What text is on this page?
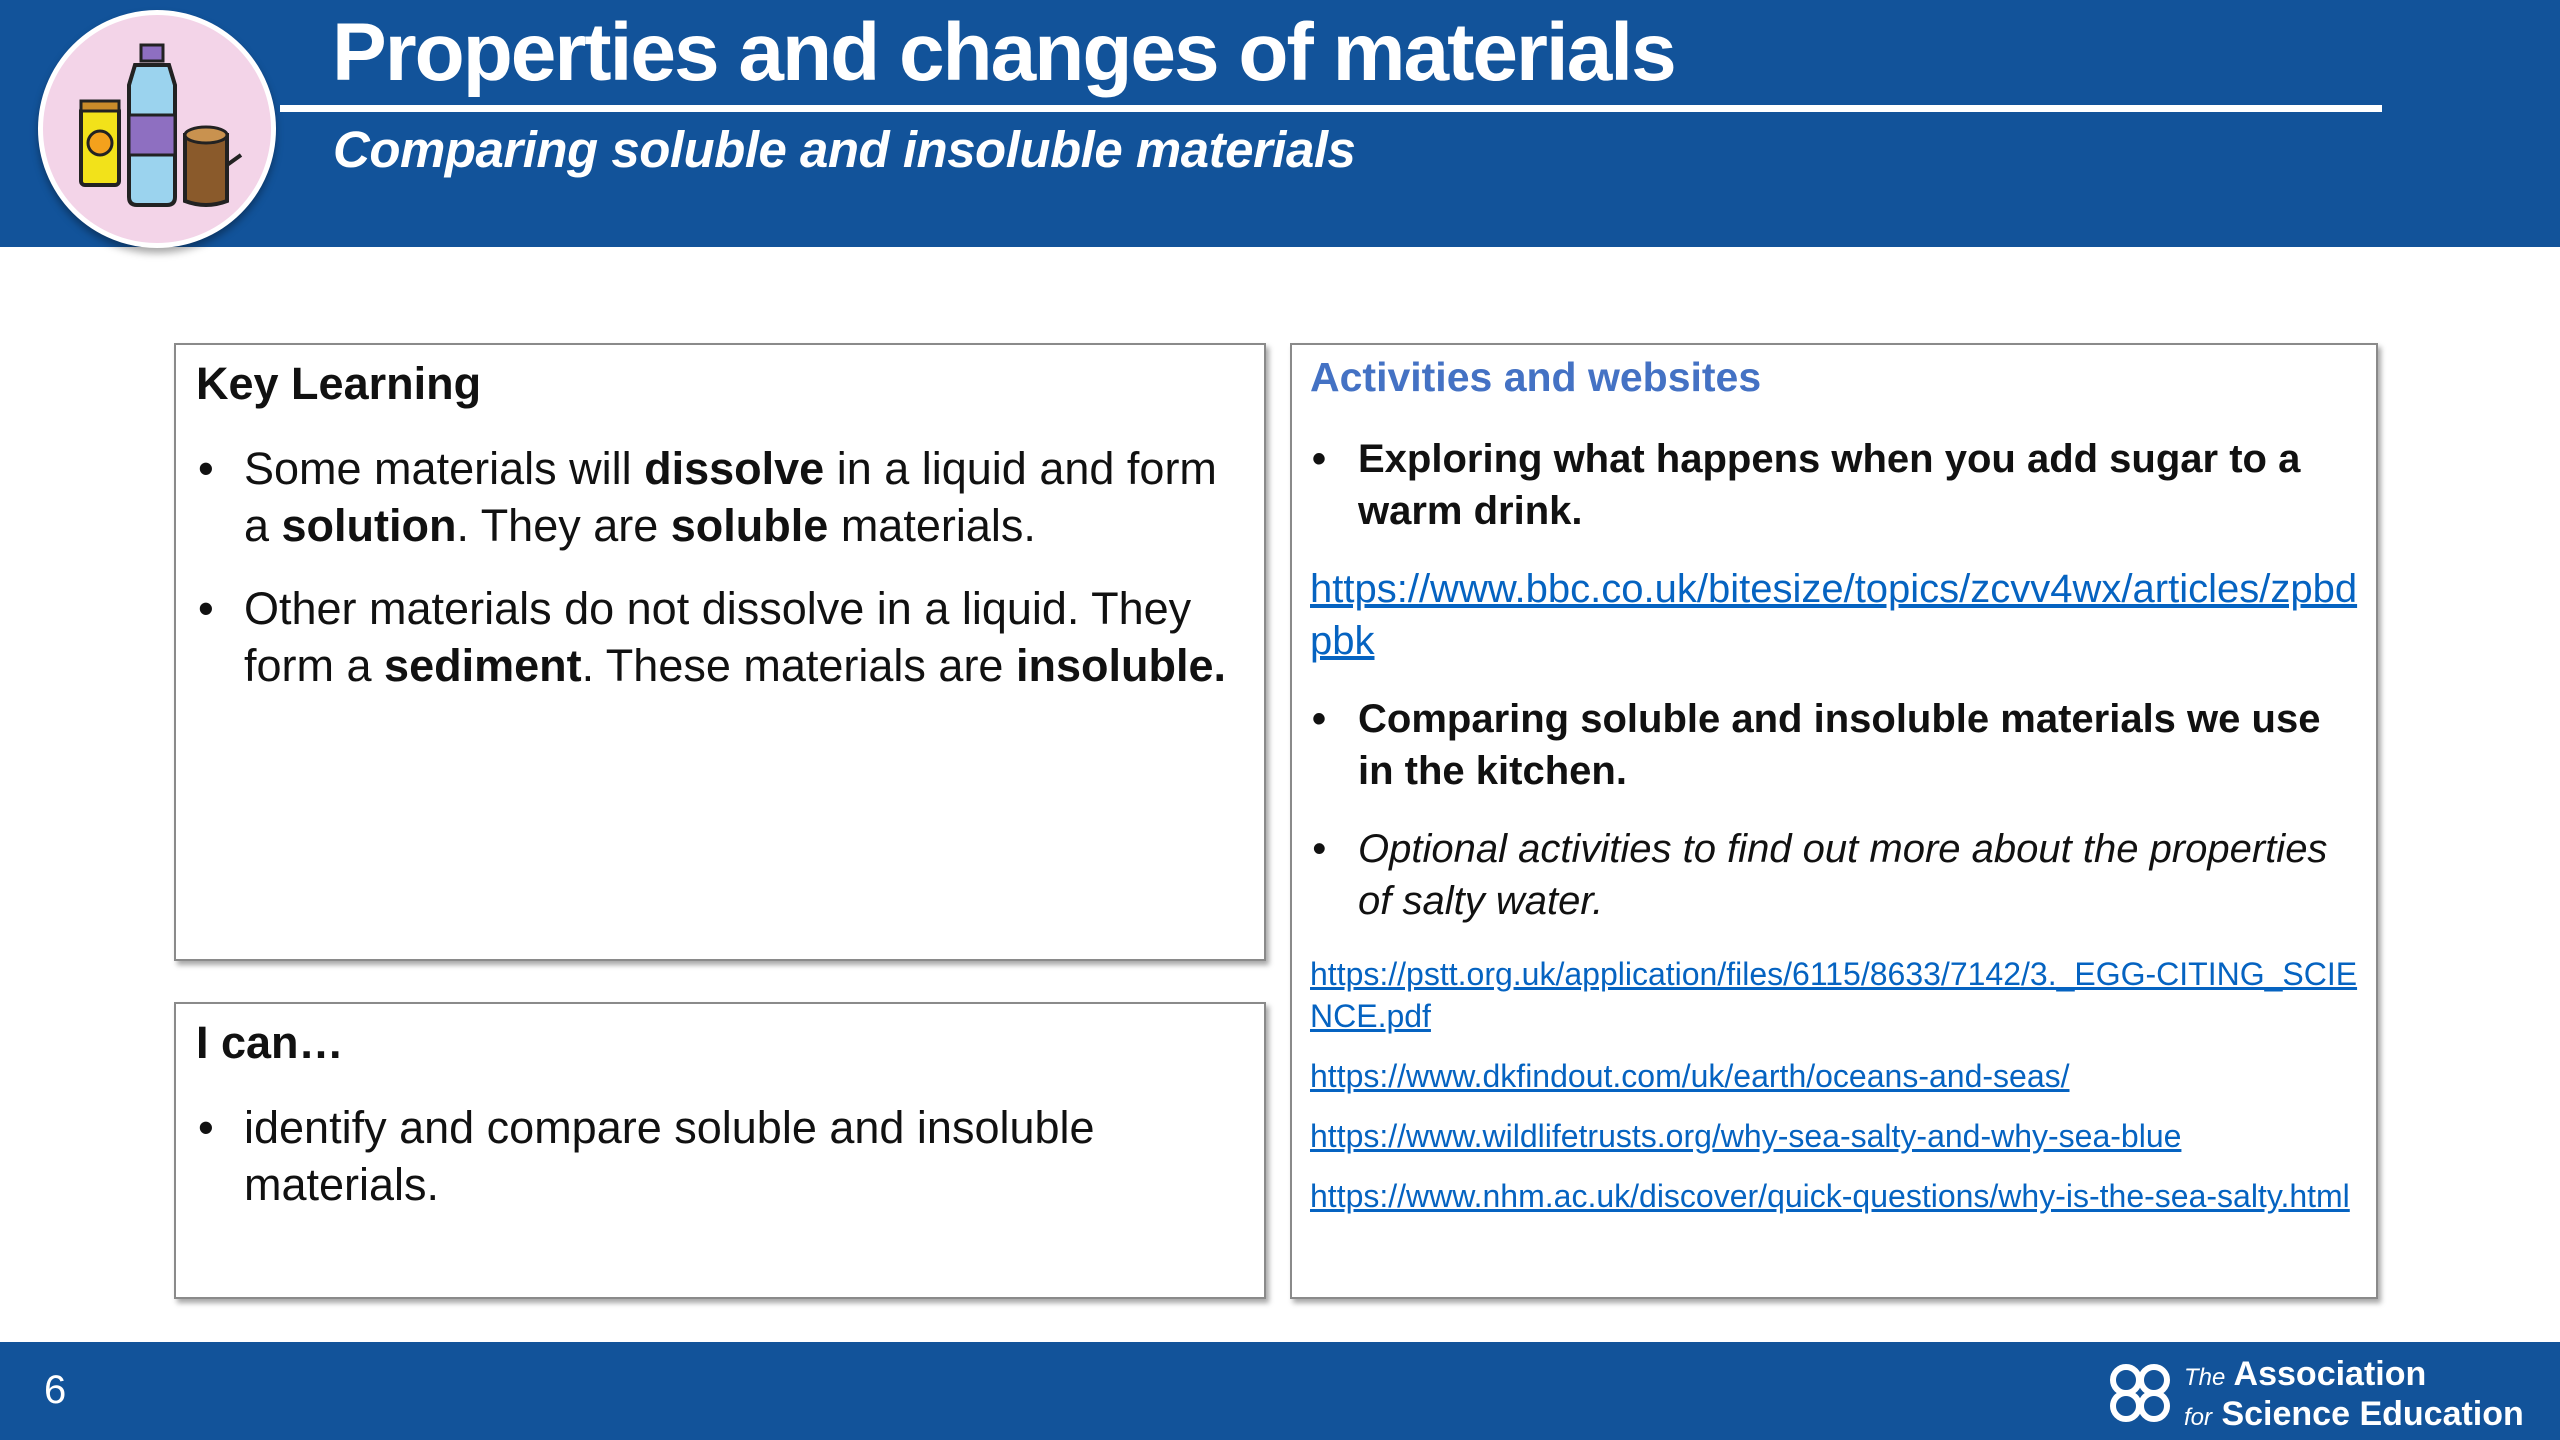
Properties and changes of materials
Comparing soluble and insoluble materials
Key Learning
• Some materials will dissolve in a liquid and form a solution. They are soluble materials.
• Other materials do not dissolve in a liquid. They form a sediment. These materials are insoluble.
I can…
• identify and compare soluble and insoluble materials.
Activities and websites
• Exploring what happens when you add sugar to a warm drink.
https://www.bbc.co.uk/bitesize/topics/zcvv4wx/articles/zpbdpbk
• Comparing soluble and insoluble materials we use in the kitchen.
• Optional activities to find out more about the properties of salty water.
https://pstt.org.uk/application/files/6115/8633/7142/3._EGG-CITING_SCIENCE.pdf
https://www.dkfindout.com/uk/earth/oceans-and-seas/
https://www.wildlifetrusts.org/why-sea-salty-and-why-sea-blue
https://www.nhm.ac.uk/discover/quick-questions/why-is-the-sea-salty.html
6	The Association
for Science Education
